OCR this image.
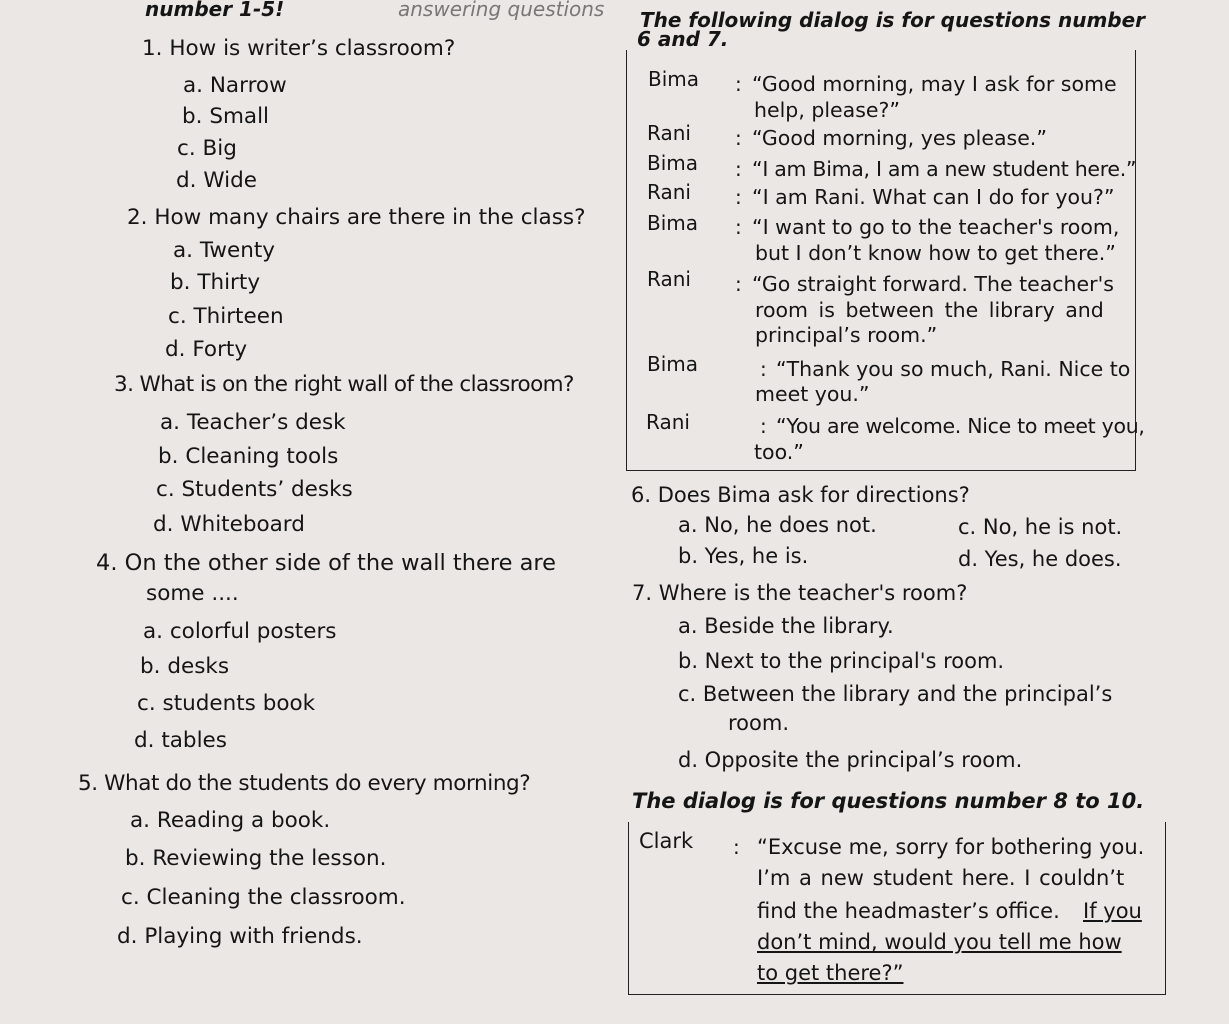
number 1-5!	answering questions The following dialog is for questions number
6 and 7.
1. How is writer’s classroom?
a. Narrow
b. Small
c. Big
d. Wide
2. How many chairs are there in the class?
a. Twenty
b. Thirty
c. Thirteen
d. Forty
3. What is on the right wall of the classroom?
a. Teacher’s desk
b. Cleaning tools
c. Students’ desks
d. Whiteboard
4. On the other side of the wall there are
some ....
a. colorful posters
b. desks
c. students book
d. tables
5. What do the students do every morning?
a. Reading a book.
b. Reviewing the lesson.
c. Cleaning the classroom.
d. Playing with friends.
Bima : “Good morning, may I ask for some
help, please?”
Rani : “Good morning, yes please.”
Bima : “I am Bima, I am a new student here.”
Rani : “I am Rani. What can I do for you?”
Bima : “I want to go to the teacher's room,
but I don’t know how to get there.”
Rani : “Go straight forward. The teacher's
room is between the library and
principal’s room.”
Bima	: “Thank you so much, Rani. Nice to
meet you.”
Rani	: “You are welcome. Nice to meet you,
too.”
6. Does Bima ask for directions?
a. No, he does not.	c. No, he is not.
b. Yes, he is.	d. Yes, he does.
7. Where is the teacher's room?
a. Beside the library.
b. Next to the principal's room.
c. Between the library and the principal’s
room.
d. Opposite the principal’s room.
The dialog is for questions number 8 to 10.
Clark : “Excuse me, sorry for bothering you.
I’m a new student here. I couldn’t
find the headmaster’s office. If you
don’t mind, would you tell me how
to get there?”
